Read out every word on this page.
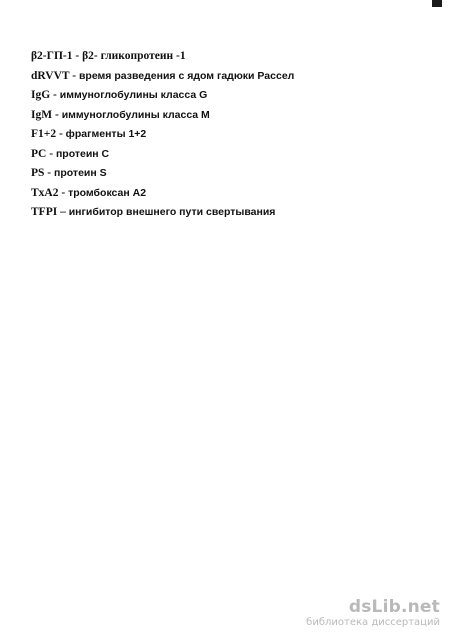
β2-ГП-1 - β2- гликопротеин -1
dRVVT - время разведения с ядом гадюки Рассел
IgG - иммуноглобулины класса G
IgM - иммуноглобулины класса M
F1+2 - фрагменты 1+2
PC - протеин C
PS - протеин S
TxA2 - тромбоксан A2
TFPI – ингибитор внешнего пути свертывания
dsLib.net
библиотека диссертаций
